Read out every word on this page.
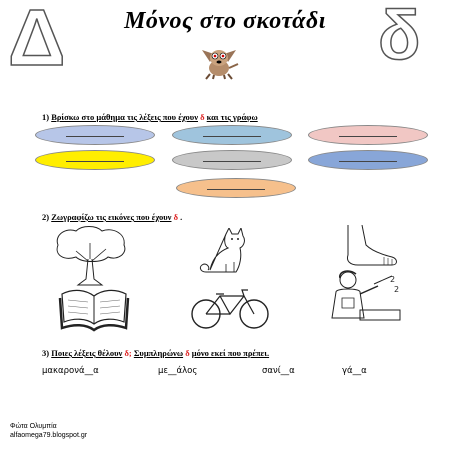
Δ	δ
Μόνος στο σκοτάδι
1) Βρίσκω στο μάθημα τις λέξεις που έχουν δ και τις γράφω
2) Ζωγραφίζω τις εικόνες που έχουν δ .
2
2
3) Ποιες λέξεις θέλουν δ; Συμπληρώνω δ μόνο εκεί που πρέπει.
μακαρονά__α	με__άλος	σανί__α	γά__α
Φώτα Ολυμπία
alfaomega79.blogspot.gr
